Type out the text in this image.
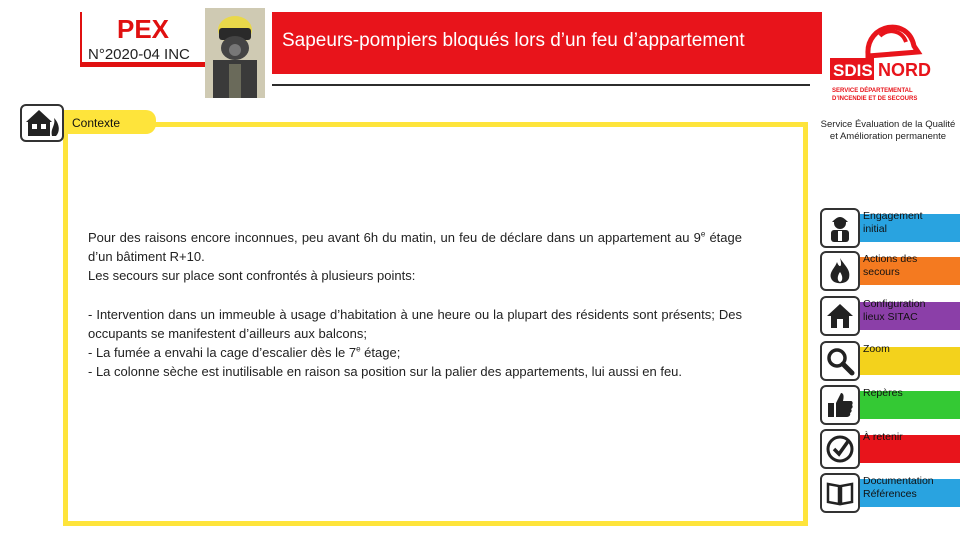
PEX
N°2020-04 INC
Sapeurs-pompiers bloqués lors d’un feu d’appartement
SDIS NORD
SERVICE DÉPARTEMENTAL
D’INCENDIE ET DE SECOURS
Service Évaluation de la Qualité
et Amélioration permanente
Contexte

Pour des raisons encore inconnues, peu avant 6h du matin, un feu de déclare dans un appartement au 9e étage d’un bâtiment R+10.

Les secours sur place sont confrontés à plusieurs points:

- Intervention dans un immeuble à usage d’habitation à une heure ou la plupart des résidents sont présents; Des occupants se manifestent d’ailleurs aux balcons;

- La fumée a envahi la cage d’escalier dès le 7e étage;

- La colonne sèche est inutilisable en raison sa position sur la palier des appartements, lui aussi en feu.

Engagement initial
Actions des secours
Configuration lieux SITAC
Zoom
Repères
À retenir
Documentation Références
